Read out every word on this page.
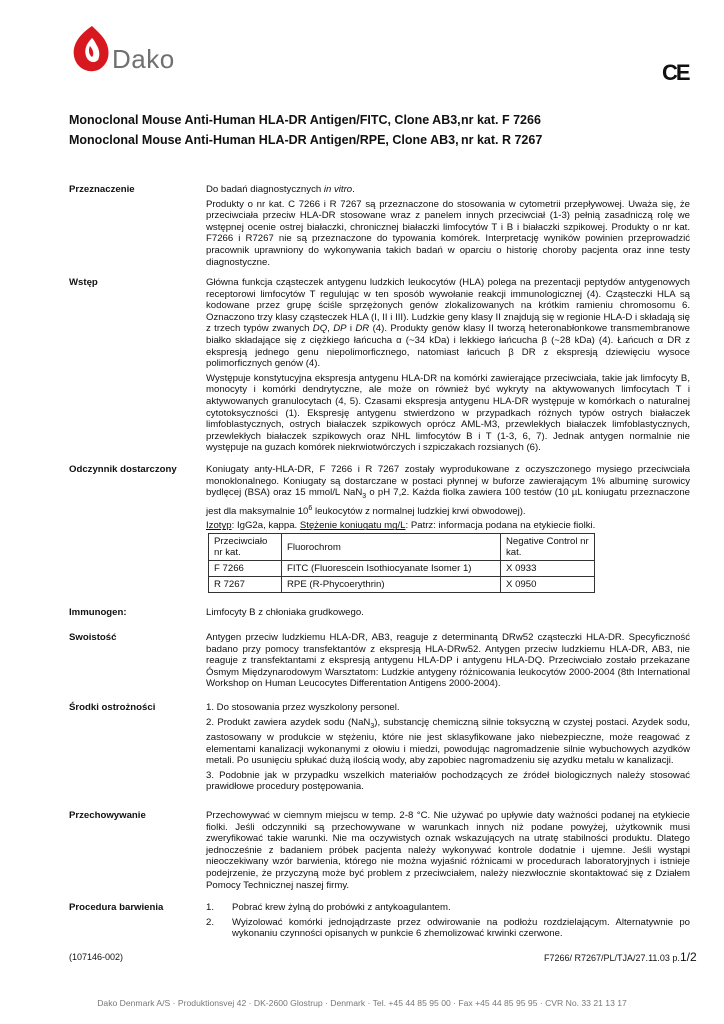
Dako	CE
Monoclonal Mouse Anti-Human HLA-DR Antigen/FITC, Clone AB3, nr kat. F 7266
Monoclonal Mouse Anti-Human HLA-DR Antigen/RPE, Clone AB3, nr kat. R 7267
Przeznaczenie	Do badań diagnostycznych in vitro.

Produkty o nr kat. C 7266 i R 7267 są przeznaczone do stosowania w cytometrii przepływowej. Uważa się, że przeciwciała przeciw HLA-DR stosowane wraz z panelem innych przeciwciał (1-3) pełnią zasadniczą rolę we wstępnej ocenie ostrej białaczki, chronicznej białaczki limfocytów T i B i białaczki szpikowej. Produkty o nr kat. F7266 i R7267 nie są przeznaczone do typowania komórek. Interpretację wyników powinien przeprowadzić pracownik uprawniony do wykonywania takich badań w oparciu o historię choroby pacjenta oraz inne testy diagnostyczne.

Wstęp	Główna funkcja cząsteczek antygenu ludzkich leukocytów (HLA) polega na prezentacji peptydów antygenowych receptorowi limfocytów T regulując w ten sposób wywołanie reakcji immunologicznej (4). Cząsteczki HLA są kodowane przez grupę ściśle sprzężonych genów zlokalizowanych na krótkim ramieniu chromosomu 6. Oznaczono trzy klasy cząsteczek HLA (I, II i III). Ludzkie geny klasy II znajdują się w regionie HLA-D i składają się z trzech typów zwanych DQ, DP i DR (4). Produkty genów klasy II tworzą heteronabłonkowe transmembranowe białko składające się z ciężkiego łańcucha α (~34 kDa) i lekkiego łańcucha β (~28 kDa) (4). Łańcuch α DR z ekspresją jednego genu niepolimorficznego, natomiast łańcuch β DR z ekspresją dziewięciu wysoce polimorficznych genów (4).

Występuje konstytucyjna ekspresja antygenu HLA-DR na komórki zawierające przeciwciała, takie jak limfocyty B, monocyty i komórki dendrytyczne, ale może on również być wykryty na aktywowanych limfocytach T i aktywowanych granulocytach (4, 5). Czasami ekspresja antygenu HLA-DR występuje w komórkach o naturalnej cytotoksyczności (1). Ekspresję antygenu stwierdzono w przypadkach różnych typów ostrych białaczek limfoblastycznych, ostrych białaczek szpikowych oprócz AML-M3, przewlekłych białaczek limfoblastycznych, przewlekłych białaczek szpikowych oraz NHL limfocytów B i T (1-3, 6, 7). Jednak antygen normalnie nie występuje na guzach komórek niekrwiotwórczych i szpiczakach rozsianych (6).

Odczynnik dostarczony	Koniugaty anty-HLA-DR, F 7266 i R 7267 zostały wyprodukowane z oczyszczonego mysiego przeciwciała monoklonalnego. Koniugaty są dostarczane w postaci płynnej w buforze zawierającym 1% albuminę surowicy bydlęcej (BSA) oraz 15 mmol/L NaN$_3$ o pH 7,2. Każda fiolka zawiera 100 testów (10 µL koniugatu przeznaczone jest dla maksymalnie $10^6$ leukocytów z normalnej ludzkiej krwi obwodowej).

Izotyp: IgG2a, kappa. Stężenie koniugatu mg/L: Patrz: informacja podana na etykiecie fiolki.

Przeciwciało nr kat.	Fluorochrom	Negative Control nr kat.
F 7266	FITC (Fluorescein Isothiocyanate Isomer 1)	X 0933
R 7267	RPE (R-Phycoerythrin)	X 0950
Immunogen:	Limfocyty B z chłoniaka grudkowego.

Swoistość	Antygen przeciw ludzkiemu HLA-DR, AB3, reaguje z determinantą DRw52 cząsteczki HLA-DR. Specyficzność badano przy pomocy transfektantów z ekspresją HLA-DRw52. Antygen przeciw ludzkiemu HLA-DR, AB3, nie reaguje z transfektantami z ekspresją antygenu HLA-DP i antygenu HLA-DQ. Przeciwciało zostało przekazane Ósmym Międzynarodowym Warsztatom: Ludzkie antygeny różnicowania leukocytów 2000-2004 (8th International Workshop on Human Leucocytes Differentation Antigens 2000-2004).

Środki ostrożności	1. Do stosowania przez wyszkolony personel.

2. Produkt zawiera azydek sodu (NaN$_3$), substancję chemiczną silnie toksyczną w czystej postaci. Azydek sodu, zastosowany w produkcie w stężeniu, które nie jest sklasyfikowane jako niebezpieczne, może reagować z elementami kanalizacji wykonanymi z ołowiu i miedzi, powodując nagromadzenie silnie wybuchowych azydków metali. Po usunięciu spłukać dużą ilością wody, aby zapobiec nagromadzeniu się azydku metalu w kanalizacji.

3. Podobnie jak w przypadku wszelkich materiałów pochodzących ze źródeł biologicznych należy stosować prawidłowe procedury postępowania.

Przechowywanie	Przechowywać w ciemnym miejscu w temp. 2-8 °C. Nie używać po upływie daty ważności podanej na etykiecie fiolki. Jeśli odczynniki są przechowywane w warunkach innych niż podane powyżej, użytkownik musi zweryfikować takie warunki. Nie ma oczywistych oznak wskazujących na utratę stabilności produktu. Dlatego jednocześnie z badaniem próbek pacjenta należy wykonywać kontrole dodatnie i ujemne. Jeśli wystąpi nieoczekiwany wzór barwienia, którego nie można wyjaśnić różnicami w procedurach laboratoryjnych i istnieje podejrzenie, że przyczyną może być problem z przeciwciałem, należy niezwłocznie skontaktować się z Działem Pomocy Technicznej naszej firmy.

Procedura barwienia	1. Pobrać krew żylną do probówki z antykoagulantem.
2. Wyizolować komórki jednojądrzaste przez odwirowanie na podłożu rozdzielającym. Alternatywnie po wykonaniu czynności opisanych w punkcie 6 zhemolizować krwinki czerwone.
(107146-002)	F7266/ R7267/PL/TJA/27.11.03 p.1/2
Dako Denmark A/S · Produktionsvej 42 · DK-2600 Glostrup · Denmark · Tel. +45 44 85 95 00 · Fax +45 44 85 95 95 · CVR No. 33 21 13 17
